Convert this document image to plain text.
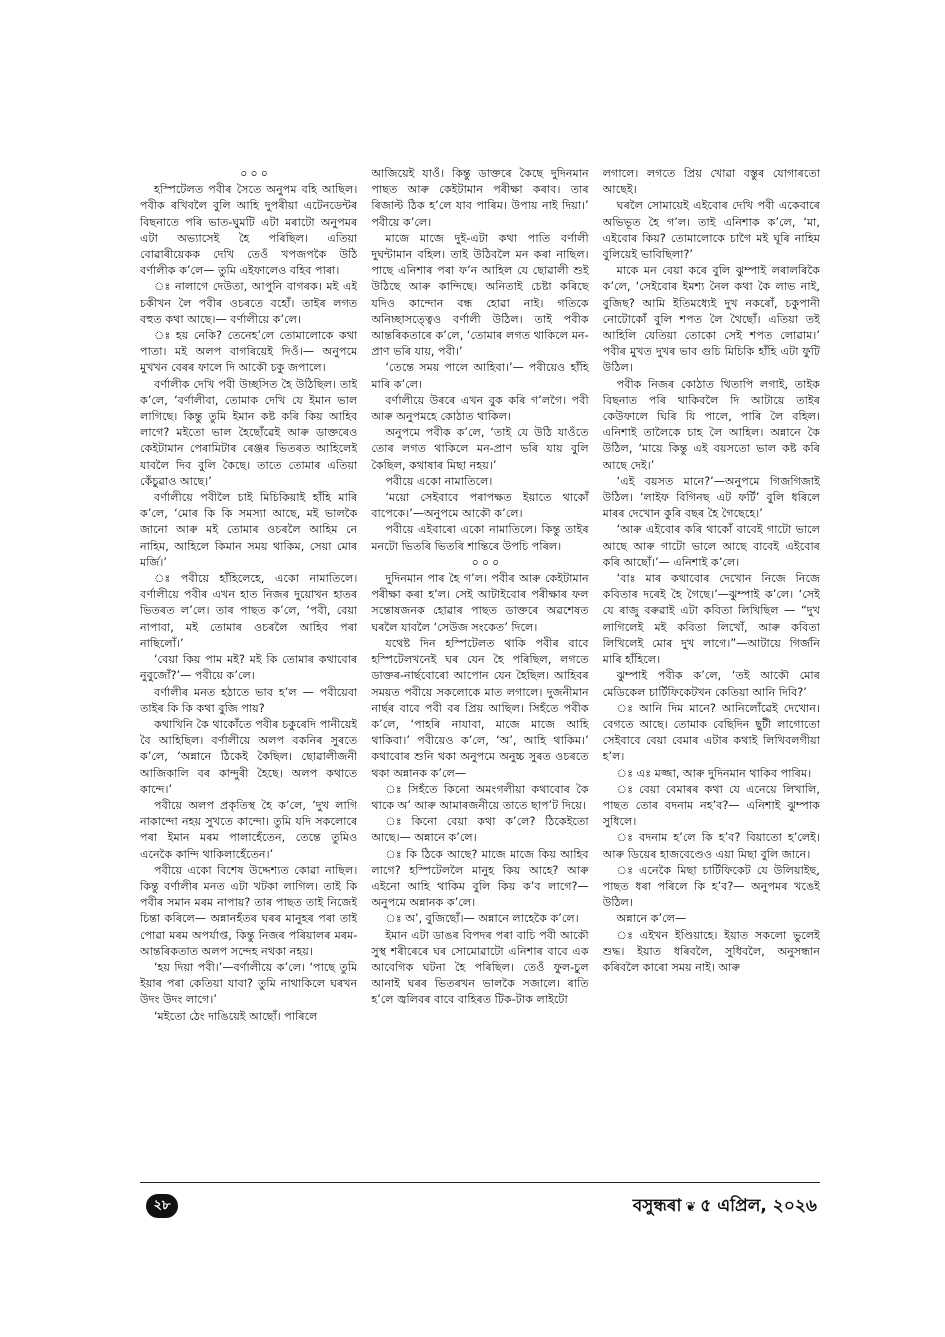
০০০

হস্পিটেলত পবীৰ সৈতে অনুপম বহি আছিল। পবীক ৰখিবলৈ বুলি আহি দুপৰীয়া এটেনডেন্টৰ বিছনাতে পৰি ভাত-ঘুমটি এটা মৰাটো অনুপমৰ এটা অভ্যাসেই হৈ পৰিছিল। এতিয়া বোৱাৰীয়েকক দেখি তেওঁ খপজপকৈ উঠি বৰ্ণালীক ক’লে— তুমি এইফালেও বহিব পাৰা।

ঃ নালাগে দেউতা, আপুনি বাগৰক। মই এই চকীখন লৈ পবীৰ ওচৰতে বহোঁ। তাইৰ লগত বহুত কথা আছে।— বৰ্ণালীয়ে ক’লে।

ঃ হয় নেকি? তেনেহ’লে তোমালোকে কথা পাতা। মই অলপ বাগৰিয়েই দিওঁ।— অনুপমে মুখখন বেৰৰ ফালে দি আকৌ চকু জপালে।

বৰ্ণালীক দেখি পবী উচ্ছসিত হৈ উঠিছিল। তাই ক’লে, ‘বৰ্ণালীবা, তোমাক দেখি যে ইমান ভাল লাগিছে। কিন্তু তুমি ইমান কষ্ট কৰি কিয় আহিব লাগে? মইতো ভাল হৈছোঁৱেই আৰু ডাক্তৰেও কেইটামান পেৰামিটাৰ ৰেঞ্জৰ ভিতৰত আহিলেই যাবলৈ দিব বুলি কৈছে। তাতে তোমাৰ এতিয়া কেঁচুৱাও আছে।’

বৰ্ণালীয়ে পবীলৈ চাই মিচিকিয়াই হাঁহি মাৰি ক’লে, ‘মোৰ কি কি সমস্যা আছে, মই ভালকৈ জানো আৰু মই তোমাৰ ওচৰলৈ আহিম নে নাহিম, আহিলে কিমান সময় থাকিম, সেয়া মোৰ মৰ্জি।’

ঃ পবীয়ে হাঁহিলেহে, একো নামাতিলে। বৰ্ণালীয়ে পবীৰ এখন হাত নিজৰ দুয়োখন হাতৰ ভিতৰত ল’লে। তাৰ পাছত ক’লে, ‘পবী, বেয়া নাপাবা, মই তোমাৰ ওচৰলৈ আহিব পৰা নাছিলোঁ।’

‘বেয়া কিয় পাম মই? মই কি তোমাৰ কথাবোৰ নুবুজোঁ?’— পবীয়ে ক’লে।

বৰ্ণালীৰ মনত হঠাতে ভাব হ’ল — পবীয়েবা তাইৰ কি কি কথা বুজি পায়?

কথাখিনি কৈ থাকোঁতে পবীৰ চকুৰেদি পানীয়েই বৈ আহিছিল। বৰ্ণালীয়ে অলপ বকনিৰ সুৰতে ক’লে, ‘অন্নানে ঠিকেই কৈছিল। ছোৱালীজনী আজিকালি বৰ কান্দুৰী হৈছে। অলপ কথাতে কান্দে।’

পবীয়ে অলপ প্ৰকৃতিস্থ হৈ ক’লে, ‘দুখ লাগি নাকান্দো নহয় সুখতে কান্দো। তুমি যদি সকলোৰে পৰা ইমান মৰম পালাহেঁতেন, তেন্তে তুমিও এনেকৈ কান্দি থাকিলাহেঁতেন।’

পবীয়ে একো বিশেষ উদ্দেশ্যত কোৱা নাছিল। কিন্তু বৰ্ণালীৰ মনত এটা খটকা লাগিল। তাই কি পবীৰ সমান মৰম নাপায়? তাৰ পাছত তাই নিজেই চিন্তা কৰিলে— অন্নানহঁতৰ ঘৰৰ মানুহৰ পৰা তাই পোৱা মৰম অপৰ্যাপ্ত, কিন্তু নিজৰ পৰিয়ালৰ মৰম-আন্তৰিকতাত অলপ সন্দেহ নথকা নহয়।

‘হয় দিয়া পবী।’—বৰ্ণালীয়ে ক’লে। ‘পাছে তুমি ইয়াৰ পৰা কেতিয়া যাবা? তুমি নাথাকিলে ঘৰখন উদং উদং লাগে।’

‘মইতো ঠেং দাঙিয়েই আছোঁ। পাৰিলে

আজিয়েই যাওঁ। কিন্তু ডাক্তৰে কৈছে দুদিনমান পাছত আৰু কেইটামান পৰীক্ষা কৰাব। তাৰ ৰিজাল্ট ঠিক হ’লে যাব পাৰিম। উপায় নাই দিয়া।’ পবীয়ে ক’লে।

মাজে মাজে দুই-এটা কথা পাতি বৰ্ণালী দুঘন্টামান বহিল। তাই উঠিবলৈ মন কৰা নাছিল। পাছে এনিশাৰ পৰা ফ’ন আহিল যে ছোৱালী শুই উঠিছে আৰু কান্দিছে। অনিতাই চেষ্টা কৰিছে যদিও কান্দোন বন্ধ হোৱা নাই। গতিকে অনিচ্ছাসত্ত্বেও বৰ্ণালী উঠিল। তাই পবীক আন্তৰিকতাৰে ক’লে, ‘তোমাৰ লগত থাকিলে মন-প্ৰাণ ভৰি যায়, পবী।’

‘তেন্তে সময় পালে আহিবা।’— পবীয়েও হাঁহি মাৰি ক’লে।

বৰ্ণালীয়ে উৰৰে এখন বুক কৰি গ’লগৈ। পবী আৰু অনুপমহে কোঠাত থাকিল।

অনুপমে পবীক ক’লে, ‘তাই যে উঠি যাওঁতে তোৰ লগত থাকিলে মন-প্ৰাণ ভৰি যায় বুলি কৈছিল, কথাষাৰ মিছা নহয়।’

পবীয়ে একো নামাতিলে।

‘ময়ো সেইবাবে পৰাপক্ষত ইয়াতে থাকোঁ বাপেকে।’—অনুপমে আকৌ ক’লে।

পবীয়ে এইবাৰো একো নামাতিলে। কিন্তু তাইৰ মনটো ভিতৰি ভিতৰি শান্তিৰে উপচি পৰিল।

০০০

দুদিনমান পাৰ হৈ গ’ল। পবীৰ আৰু কেইটামান পৰীক্ষা কৰা হ’ল। সেই আটাইবোৰ পৰীক্ষাৰ ফল সন্তোষজনক হোৱাৰ পাছত ডাক্তৰে অৱশেষত ঘৰলৈ যাবলৈ ‘সেউজ সংকেত’ দিলে।

যথেষ্ট দিন হস্পিটেলত থাকি পবীৰ বাবে হস্পিটেলখনেই ঘৰ যেন হৈ পৰিছিল, লগতে ডাক্তৰ-নাৰ্ছবোৰো আপোন যেন হৈছিল। আহিবৰ সময়ত পবীয়ে সকলোকে মাত লগালে। দুজনীমান নাৰ্ছৰ বাবে পবী বৰ প্ৰিয় আছিল। সিহঁতে পবীক ক’লে, ‘পাহৰি নাযাবা, মাজে মাজে আহি থাকিবা।’ পবীয়েও ক’লে, ‘অ’, আহি থাকিম।’ কথাবোৰ শুনি থকা অনুপমে অনুচ্চ সুৰত ওচৰতে থকা অন্নানক ক’লে—

ঃ সিহঁতে কিনো অমংগলীয়া কথাবোৰ কৈ থাকে অ’ আৰু আমাৰজনীয়ে তাতে ছাপ’ট দিয়ে।

ঃ কিনো বেয়া কথা ক’লে? ঠিকেইতো আছে।— অন্নানে ক’লে।

ঃ কি ঠিকে আছে? মাজে মাজে কিয় আহিব লাগে? হস্পিটেললৈ মানুহ কিয় আহে? আৰু এইনো আহি থাকিম বুলি কিয় ক’ব লাগে?— অনুপমে অন্নানক ক’লে।

ঃ অ’, বুজিছোঁ।— অন্নানে লাহেকৈ ক’লে।

ইমান এটা ডাঙৰ বিপদৰ পৰা বাচি পবী আকৌ সুস্থ শৰীৰেৰে ঘৰ সোমোৱাটো এনিশাৰ বাবে এক আবেগিক ঘটনা হৈ পৰিছিল। তেওঁ ফুল-চুল আনাই ঘৰৰ ভিতৰখন ভালকৈ সজালে। ৰাতি হ’লে জ্বলিবৰ বাবে বাহিৰত টিক-টাক লাইটো

লগালে। লগতে প্ৰিয় খোৱা বস্তুৰ যোগাৰতো আছেই।

ঘৰলৈ সোমায়েই এইবোৰ দেখি পবী একেবাৰে অভিভূত হৈ গ’ল। তাই এনিশাক ক’লে, ‘মা, এইবোৰ কিয়? তোমালোকে চাগৈ মই ঘূৰি নাহিম বুলিয়েই ভাবিছিলা?’

মাকে মন বেয়া কৰে বুলি ঝুম্পাই লৰালৰিকৈ ক’লে, ‘সেইবোৰ ইমশ্য নৈল কথা কৈ লাভ নাই, বুজিছ? আমি ইতিমধ্যেই দুখ নকৰোঁ, চকুপানী নোটোকোঁ বুলি শপত লৈ থৈছোঁ। এতিয়া তই আহিলি যেতিয়া তোকো সেই শপত লোৱাম।’ পবীৰ মুখত দুখৰ ভাব গুচি মিচিকি হাঁহি এটা ফুটি উঠিল।

পবীক নিজৰ কোঠাত থিতাপি লগাই, তাইক বিছনাত পৰি থাকিবলৈ দি আটায়ে তাইৰ কেউফালে ঘিৰি যি পালে, পাৰি লৈ বহিল। এনিশাই তালৈকে চাহ লৈ আহিল। অন্নানে কৈ উঠিল, ‘মায়ে কিন্তু এই বয়সতো ভাল কষ্ট কৰি আছে দেই।’

‘এই বয়সত মানে?’—অনুপমে গিজগিজাই উঠিল। ‘লাইফ বিগিনছ এট ফৰ্টি’ বুলি ধৰিলে মাৰৰ দেখোন কুৰি বছৰ হৈ গৈছেহে।’

‘আৰু এইবোৰ কৰি থাকোঁ বাবেই গাটো ভালে আছে আৰু গাটো ভালে আছে বাবেই এইবোৰ কৰি আছোঁ।’— এনিশাই ক’লে।

‘বাঃ মাৰ কথাবোৰ দেখোন নিজে নিজে কবিতাৰ দৰেই হৈ গৈছে।’—ঝুম্পাই ক’লে। ‘সেই যে ৰাজু বৰুৱাই এটা কবিতা লিখিছিল — “দুখ লাগিলেই মই কবিতা লিখোঁ, আৰু কবিতা লিখিলেই মোৰ দুখ লাগে।”—আটায়ে গিৰ্জনি মাৰি হাঁহিলে।

ঝুম্পাই পবীক ক’লে, ‘তই আকৌ মোৰ মেডিকেল চাৰ্টিফিকেটখন কেতিয়া আনি দিবি?’

ঃ আনি দিম মানে? আনিলোঁৱেই দেখোন। বেগতে আছে। তোমাক বেছিদিন ছুটী লাগোতো সেইবাবে বেয়া বেমাৰ এটাৰ কথাই লিখিবলগীয়া হ’ল।

ঃ এঃ মজ্জা, আৰু দুদিনমান থাকিব পাৰিম।

ঃ বেয়া বেমাৰৰ কথা যে এনেয়ে লিখালি, পাছত তোৰ বদনাম নহ’ব?— এনিশাই ঝুম্পাক সুধিলে।

ঃ বদনাম হ’লে কি হ’ব? বিয়াতো হ’লেই। আৰু ডিয়েৰ হাজবেণ্ডেও এয়া মিছা বুলি জানে।

ঃ এনেকৈ মিছা চাৰ্টিফিকেট যে উলিয়াইছ, পাছত ধৰা পৰিলে কি হ’ব?— অনুপমৰ খঙেই উঠিল।

অন্নানে ক’লে—

ঃ এইখন ইণ্ডিয়াহে। ইয়াত সকলো ভুলেই শুদ্ধ। ইয়াত ধৰিবলৈ, সুধিবলৈ, অনুসন্ধান কৰিবলৈ কাৰো সময় নাই। আৰু

২৮	বসুন্ধৰা ❦ ৫ এপ্ৰিল, ২০২৬
